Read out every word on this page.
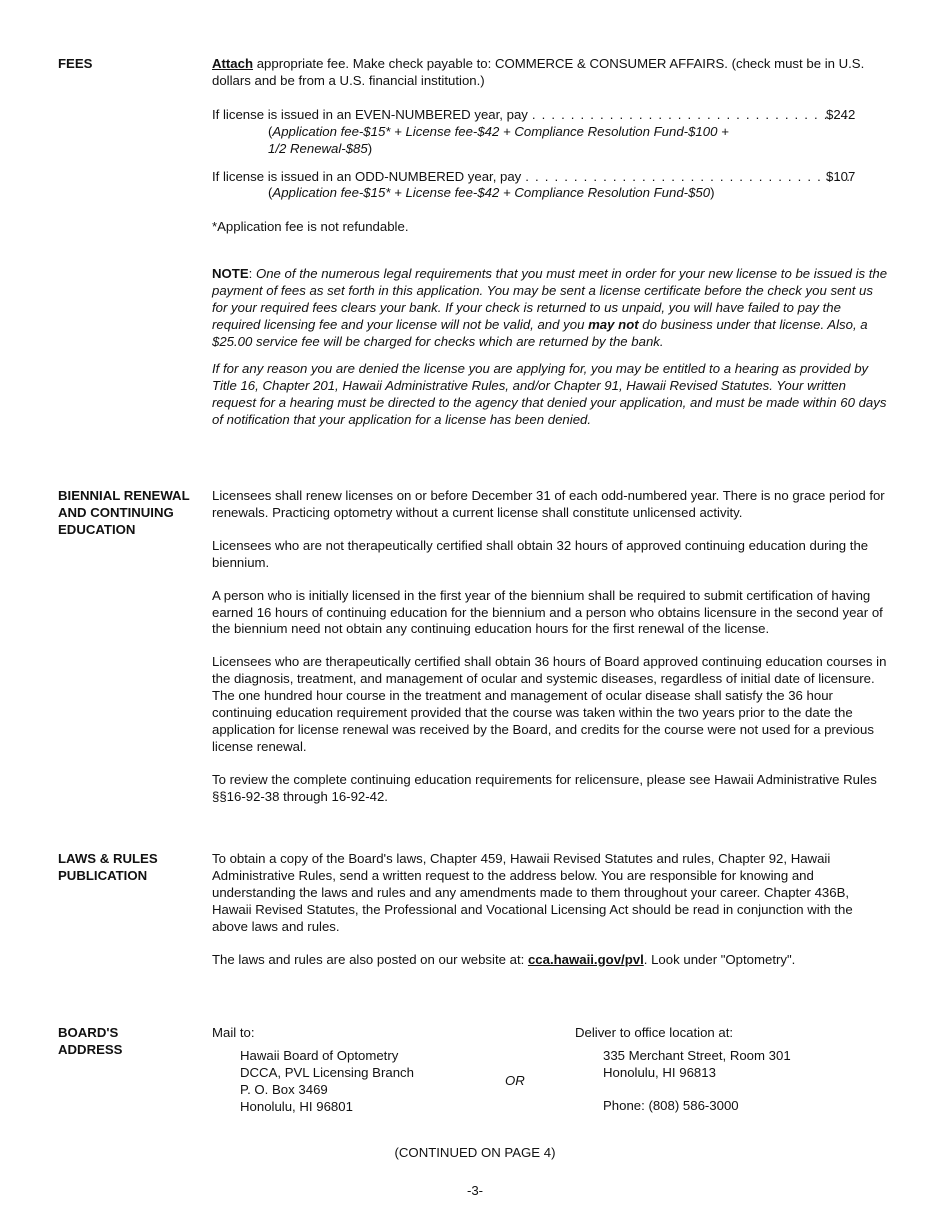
FEES	Attach appropriate fee. Make check payable to: COMMERCE & CONSUMER AFFAIRS. (check must be in U.S. dollars and be from a U.S. financial institution.)

If license is issued in an EVEN-NUMBERED year, pay . . .	$242
(Application fee-$15* + License fee-$42 + Compliance Resolution Fund-$100 +
1/2 Renewal-$85)
If license is issued in an ODD-NUMBERED year, pay . . .	$107
(Application fee-$15* + License fee-$42 + Compliance Resolution Fund-$50)

*Application fee is not refundable.

NOTE: One of the numerous legal requirements that you must meet in order for your new license to be issued is the payment of fees as set forth in this application. You may be sent a license certificate before the check you sent us for your required fees clears your bank. If your check is returned to us unpaid, you will have failed to pay the required licensing fee and your license will not be valid, and you may not do business under that license. Also, a $25.00 service fee will be charged for checks which are returned by the bank.

If for any reason you are denied the license you are applying for, you may be entitled to a hearing as provided by Title 16, Chapter 201, Hawaii Administrative Rules, and/or Chapter 91, Hawaii Revised Statutes. Your written request for a hearing must be directed to the agency that denied your application, and must be made within 60 days of notification that your application for a license has been denied.

BIENNIAL RENEWAL
AND CONTINUING
EDUCATION

Licensees shall renew licenses on or before December 31 of each odd-numbered year. There is no grace period for renewals. Practicing optometry without a current license shall constitute unlicensed activity.

Licensees who are not therapeutically certified shall obtain 32 hours of approved continuing education during the biennium.

A person who is initially licensed in the first year of the biennium shall be required to submit certification of having earned 16 hours of continuing education for the biennium and a person who obtains licensure in the second year of the biennium need not obtain any continuing education hours for the first renewal of the license.

Licensees who are therapeutically certified shall obtain 36 hours of Board approved continuing education courses in the diagnosis, treatment, and management of ocular and systemic diseases, regardless of initial date of licensure. The one hundred hour course in the treatment and management of ocular disease shall satisfy the 36 hour continuing education requirement provided that the course was taken within the two years prior to the date the application for license renewal was received by the Board, and credits for the course were not used for a previous license renewal.

To review the complete continuing education requirements for relicensure, please see Hawaii Administrative Rules §§16-92-38 through 16-92-42.

LAWS & RULES
PUBLICATION

To obtain a copy of the Board's laws, Chapter 459, Hawaii Revised Statutes and rules, Chapter 92, Hawaii Administrative Rules, send a written request to the address below. You are responsible for knowing and understanding the laws and rules and any amendments made to them throughout your career. Chapter 436B, Hawaii Revised Statutes, the Professional and Vocational Licensing Act should be read in conjunction with the above laws and rules.

The laws and rules are also posted on our website at: cca.hawaii.gov/pvl. Look under "Optometry".

BOARD'S
ADDRESS
Mail to:
Hawaii Board of Optometry
DCCA, PVL Licensing Branch
P. O. Box 3469
Honolulu, HI 96801
OR
Deliver to office location at:
335 Merchant Street, Room 301
Honolulu, HI 96813
Phone: (808) 586-3000
(CONTINUED ON PAGE 4)
-3-
